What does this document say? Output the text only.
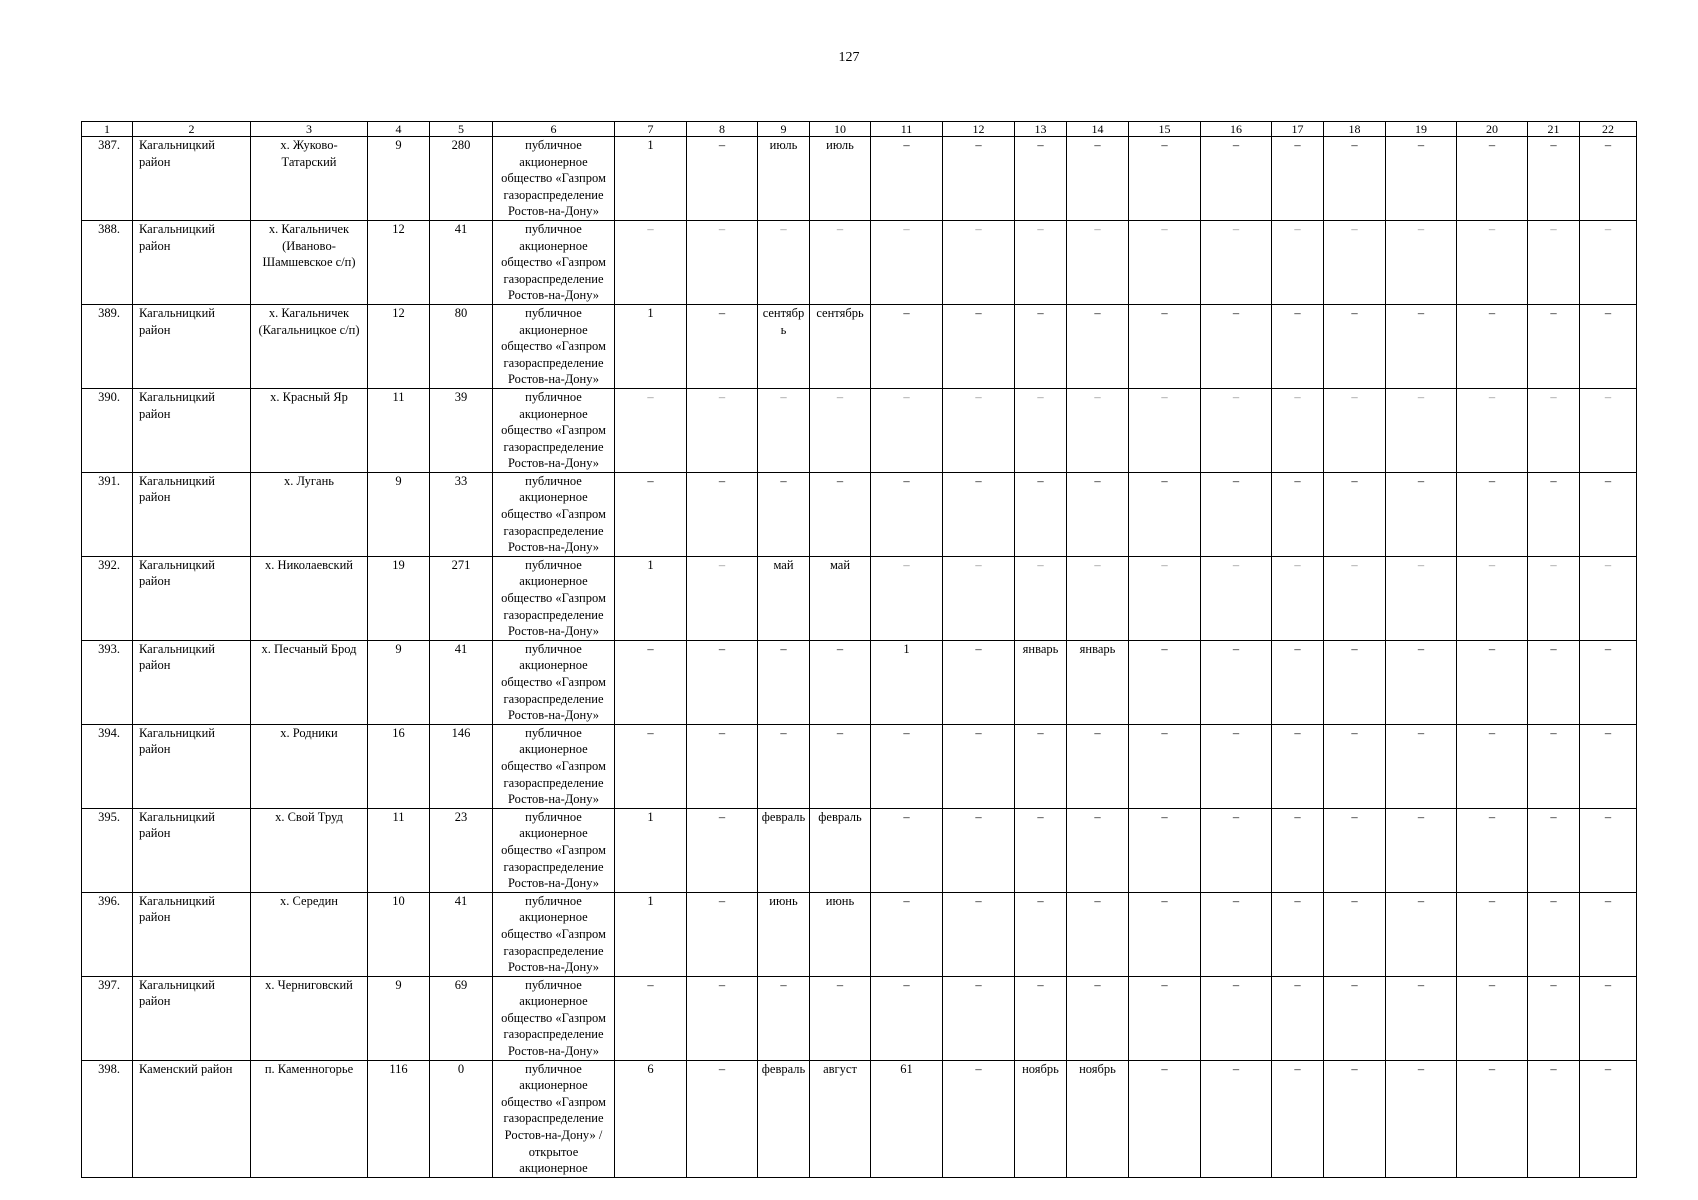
127
1	2	3	4	5	6	7	8	9	10	11	12	13	14	15	16	17	18	19	20	21	22
387.	Кагальницкий район	х. Жуково-Татарский	9	280	публичное акционерное общество «Газпром газораспределение Ростов-на-Дону»	1	–	июль	июль	–	–	–	–	–	–	–	–	–	–	–	–
388.	Кагальницкий район	х. Кагальничек (Ивановo-Шамшевское с/п)	12	41	публичное акционерное общество «Газпром газораспределение Ростов-на-Дону»	–	–	–	–	–	–	–	–	–	–	–	–	–	–	–	–
389.	Кагальницкий район	х. Кагальничек (Кагальницкое с/п)	12	80	публичное акционерное общество «Газпром газораспределение Ростов-на-Дону»	1	–	сентябрь	сентябрь	–	–	–	–	–	–	–	–	–	–	–	–
390.	Кагальницкий район	х. Красный Яр	11	39	публичное акционерное общество «Газпром газораспределение Ростов-на-Дону»	–	–	–	–	–	–	–	–	–	–	–	–	–	–	–	–
391.	Кагальницкий район	х. Лугань	9	33	публичное акционерное общество «Газпром газораспределение Ростов-на-Дону»	–	–	–	–	–	–	–	–	–	–	–	–	–	–	–	–
392.	Кагальницкий район	х. Николаевский	19	271	публичное акционерное общество «Газпром газораспределение Ростов-на-Дону»	1	–	май	май	–	–	–	–	–	–	–	–	–	–	–	–
393.	Кагальницкий район	х. Песчаный Брод	9	41	публичное акционерное общество «Газпром газораспределение Ростов-на-Дону»	–	–	–	–	1	–	январь	январь	–	–	–	–	–	–	–	–
394.	Кагальницкий район	х. Родники	16	146	публичное акционерное общество «Газпром газораспределение Ростов-на-Дону»	–	–	–	–	–	–	–	–	–	–	–	–	–	–	–	–
395.	Кагальницкий район	х. Свой Труд	11	23	публичное акционерное общество «Газпром газораспределение Ростов-на-Дону»	1	–	февраль	февраль	–	–	–	–	–	–	–	–	–	–	–	–
396.	Кагальницкий район	х. Середин	10	41	публичное акционерное общество «Газпром газораспределение Ростов-на-Дону»	1	–	июнь	июнь	–	–	–	–	–	–	–	–	–	–	–	–
397.	Кагальницкий район	х. Черниговский	9	69	публичное акционерное общество «Газпром газораспределение Ростов-на-Дону»	–	–	–	–	–	–	–	–	–	–	–	–	–	–	–	–
398.	Каменский район	п. Каменногорье	116	0	публичное акционерное общество «Газпром газораспределение Ростов-на-Дону» / открытое акционерное	6	–	февраль	август	61	–	ноябрь	ноябрь	–	–	–	–	–	–	–	–
